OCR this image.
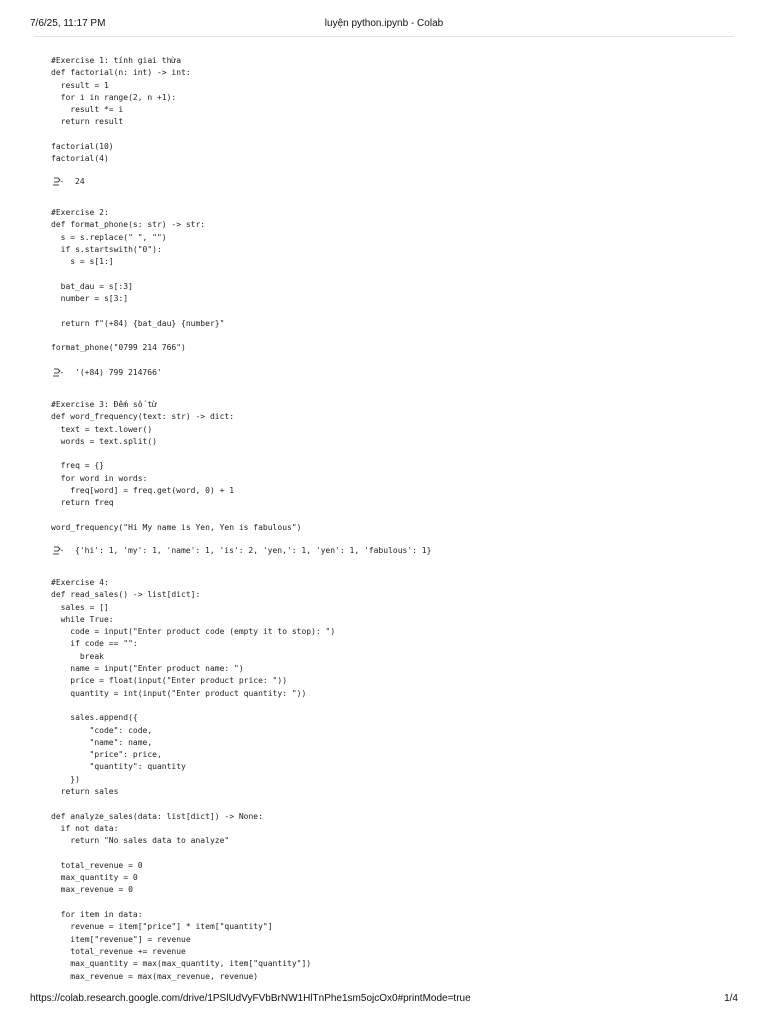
7/6/25, 11:17 PM	luyện python.ipynb - Colab
#Exercise 1: tính giai thừa
def factorial(n: int) -> int:
result = 1
for i in range(2, n +1):
result *= i
return result

factorial(10)
factorial(4)
24
#Exercise 2:
def format_phone(s: str) -> str:
s = s.replace(" ", "")
if s.startswith("0"):
s = s[1:]

bat_dau = s[:3]
number = s[3:]

return f"(+84) {bat_dau} {number}"

format_phone("0799 214 766")
'(+84) 799 214766'
#Exercise 3: Đếm số từ
def word_frequency(text: str) -> dict:
text = text.lower()
words = text.split()

freq = {}
for word in words:
freq[word] = freq.get(word, 0) + 1
return freq

word_frequency("Hi My name is Yen, Yen is fabulous")
{'hi': 1, 'my': 1, 'name': 1, 'is': 2, 'yen,': 1, 'yen': 1, 'fabulous': 1}
#Exercise 4:
def read_sales() -> list[dict]:
sales = []
while True:
code = input("Enter product code (empty it to stop): ")
if code == "":
break
name = input("Enter product name: ")
price = float(input("Enter product price: "))
quantity = int(input("Enter product quantity: "))

sales.append({
"code": code,
"name": name,
"price": price,
"quantity": quantity
})
return sales

def analyze_sales(data: list[dict]) -> None:
if not data:
return "No sales data to analyze"

total_revenue = 0
max_quantity = 0
max_revenue = 0

for item in data:
revenue = item["price"] * item["quantity"]
item["revenue"] = revenue
total_revenue += revenue
max_quantity = max(max_quantity, item["quantity"])
max_revenue = max(max_revenue, revenue)
https://colab.research.google.com/drive/1PSlUdVyFVbBrNW1HlTnPhe1sm5ojcOx0#printMode=true	1/4
